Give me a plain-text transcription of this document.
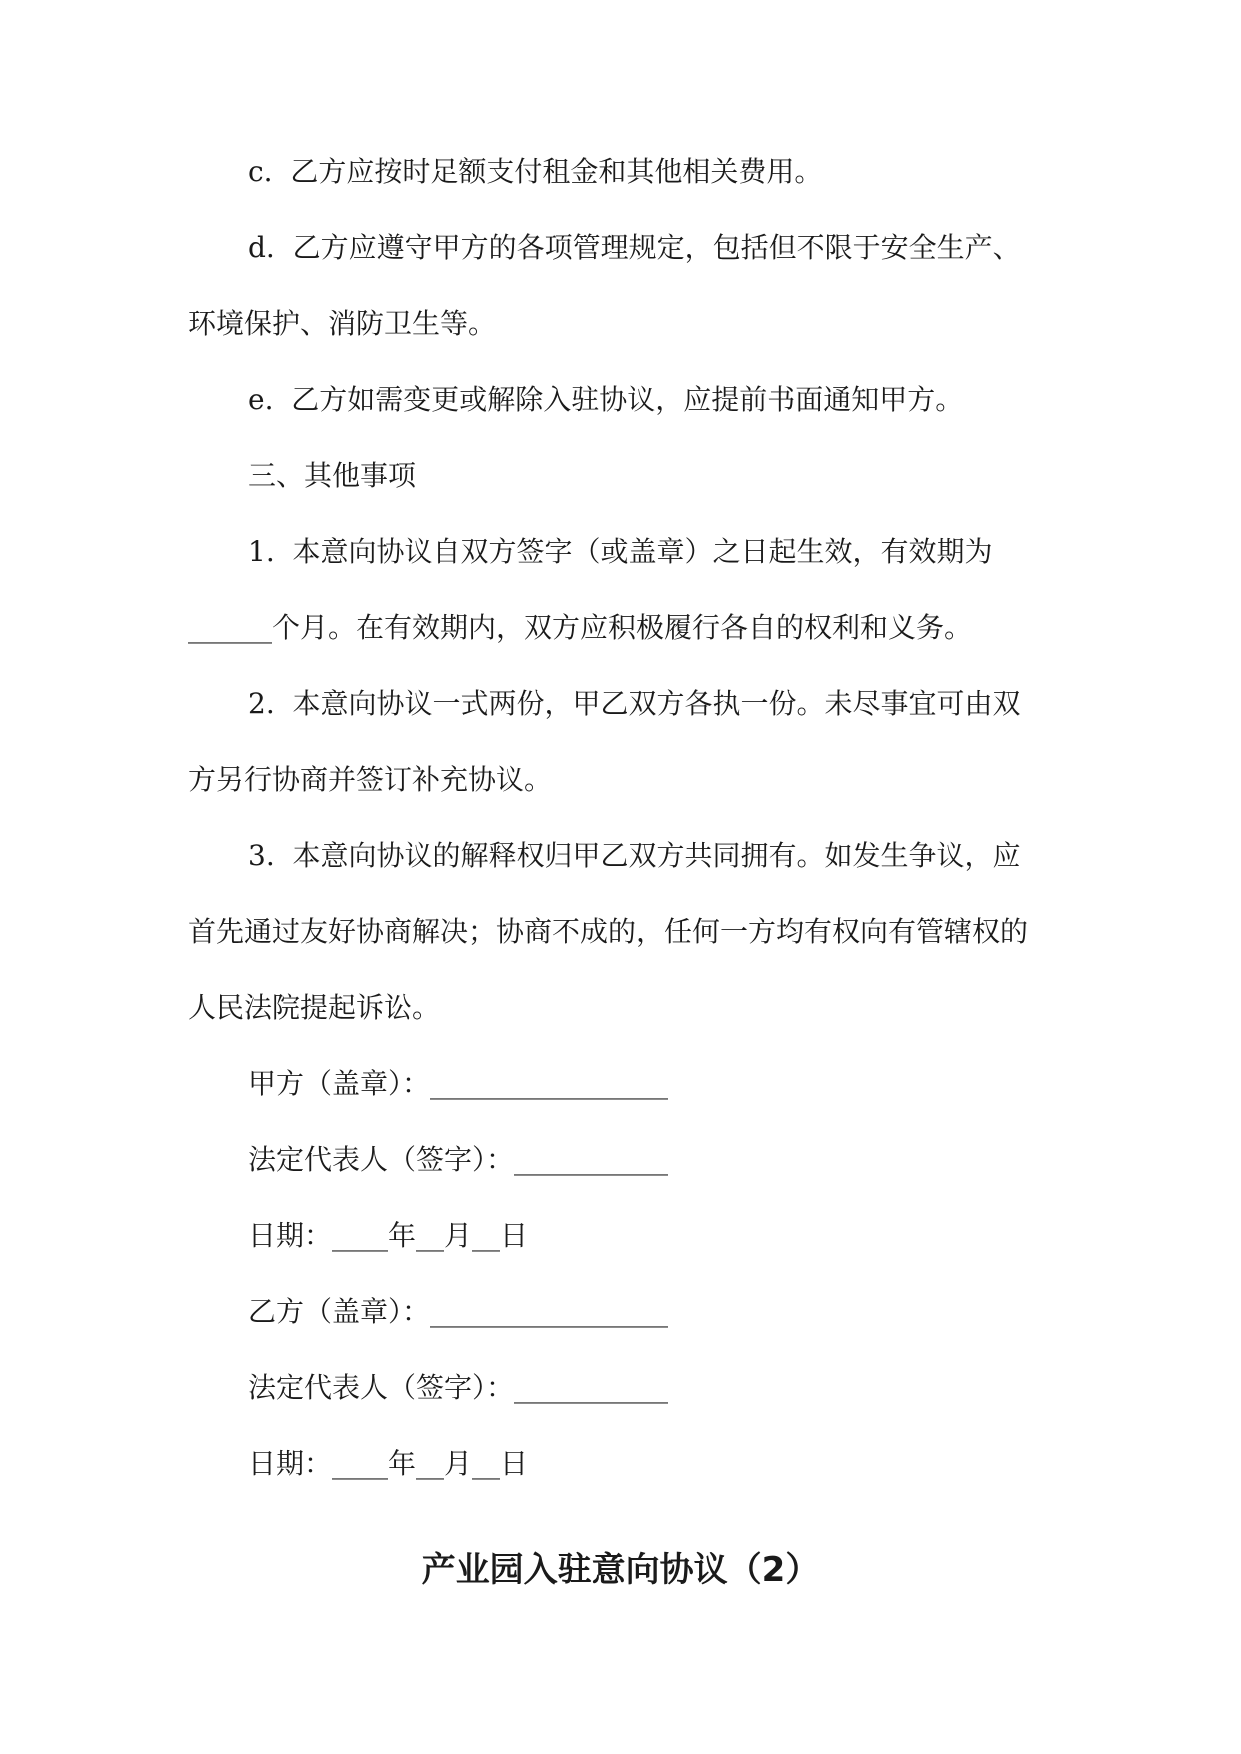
c.  乙方应按时足额支付租金和其他相关费用。
d.  乙方应遵守甲方的各项管理规定，包括但不限于安全生产、
环境保护、消防卫生等。
e.  乙方如需变更或解除入驻协议，应提前书面通知甲方。
三、其他事项
1.  本意向协议自双方签字（或盖章）之日起生效，有效期为
______个月。在有效期内，双方应积极履行各自的权利和义务。
2.  本意向协议一式两份，甲乙双方各执一份。未尽事宜可由双
方另行协商并签订补充协议。
3.  本意向协议的解释权归甲乙双方共同拥有。如发生争议，应
首先通过友好协商解决；协商不成的，任何一方均有权向有管辖权的
人民法院提起诉讼。
甲方（盖章）：_________________
法定代表人（签字）：___________
日期：____年__月__日
乙方（盖章）：_________________
法定代表人（签字）：___________
日期：____年__月__日
产业园入驻意向协议（2）
